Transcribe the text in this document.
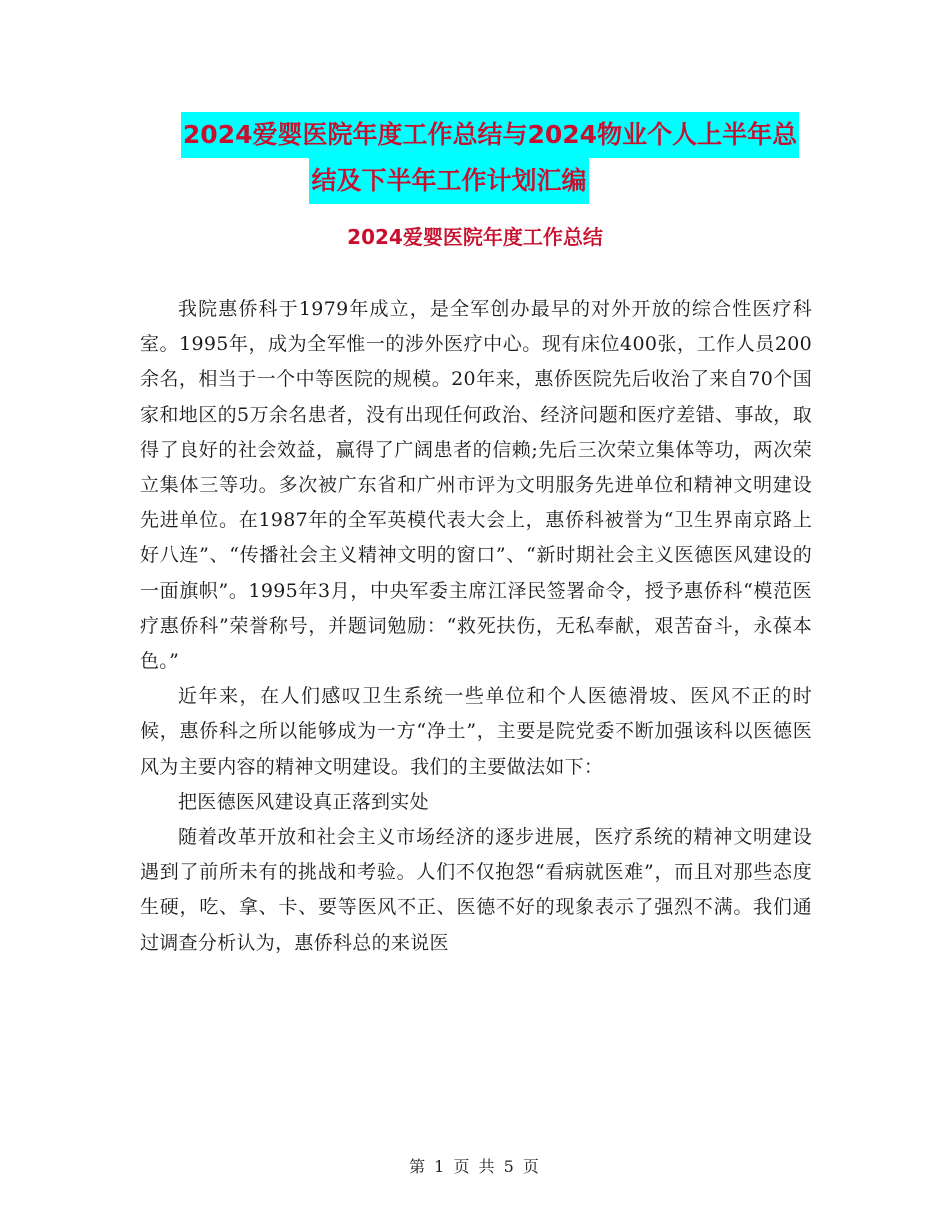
2024爱婴医院年度工作总结与2024物业个人上半年总
结及下半年工作计划汇编
2024爱婴医院年度工作总结

我院惠侨科于1979年成立，是全军创办最早的对外开放的综合性医疗科室。1995年，成为全军惟一的涉外医疗中心。现有床位400张，工作人员200余名，相当于一个中等医院的规模。20年来，惠侨医院先后收治了来自70个国家和地区的5万余名患者，没有出现任何政治、经济问题和医疗差错、事故，取得了良好的社会效益，赢得了广阔患者的信赖;先后三次荣立集体等功，两次荣立集体三等功。多次被广东省和广州市评为文明服务先进单位和精神文明建设先进单位。在1987年的全军英模代表大会上，惠侨科被誉为“卫生界南京路上好八连”、“传播社会主义精神文明的窗口”、“新时期社会主义医德医风建设的一面旗帜”。1995年3月，中央军委主席江泽民签署命令，授予惠侨科“模范医疗惠侨科”荣誉称号，并题词勉励：“救死扶伤，无私奉献，艰苦奋斗，永葆本色。”

近年来，在人们感叹卫生系统一些单位和个人医德滑坡、医风不正的时候，惠侨科之所以能够成为一方“净土”，主要是院党委不断加强该科以医德医风为主要内容的精神文明建设。我们的主要做法如下：

把医德医风建设真正落到实处

随着改革开放和社会主义市场经济的逐步进展，医疗系统的精神文明建设遇到了前所未有的挑战和考验。人们不仅抱怨“看病就医难”，而且对那些态度生硬，吃、拿、卡、要等医风不正、医德不好的现象表示了强烈不满。我们通过调查分析认为，惠侨科总的来说医

第 1 页 共 5 页
